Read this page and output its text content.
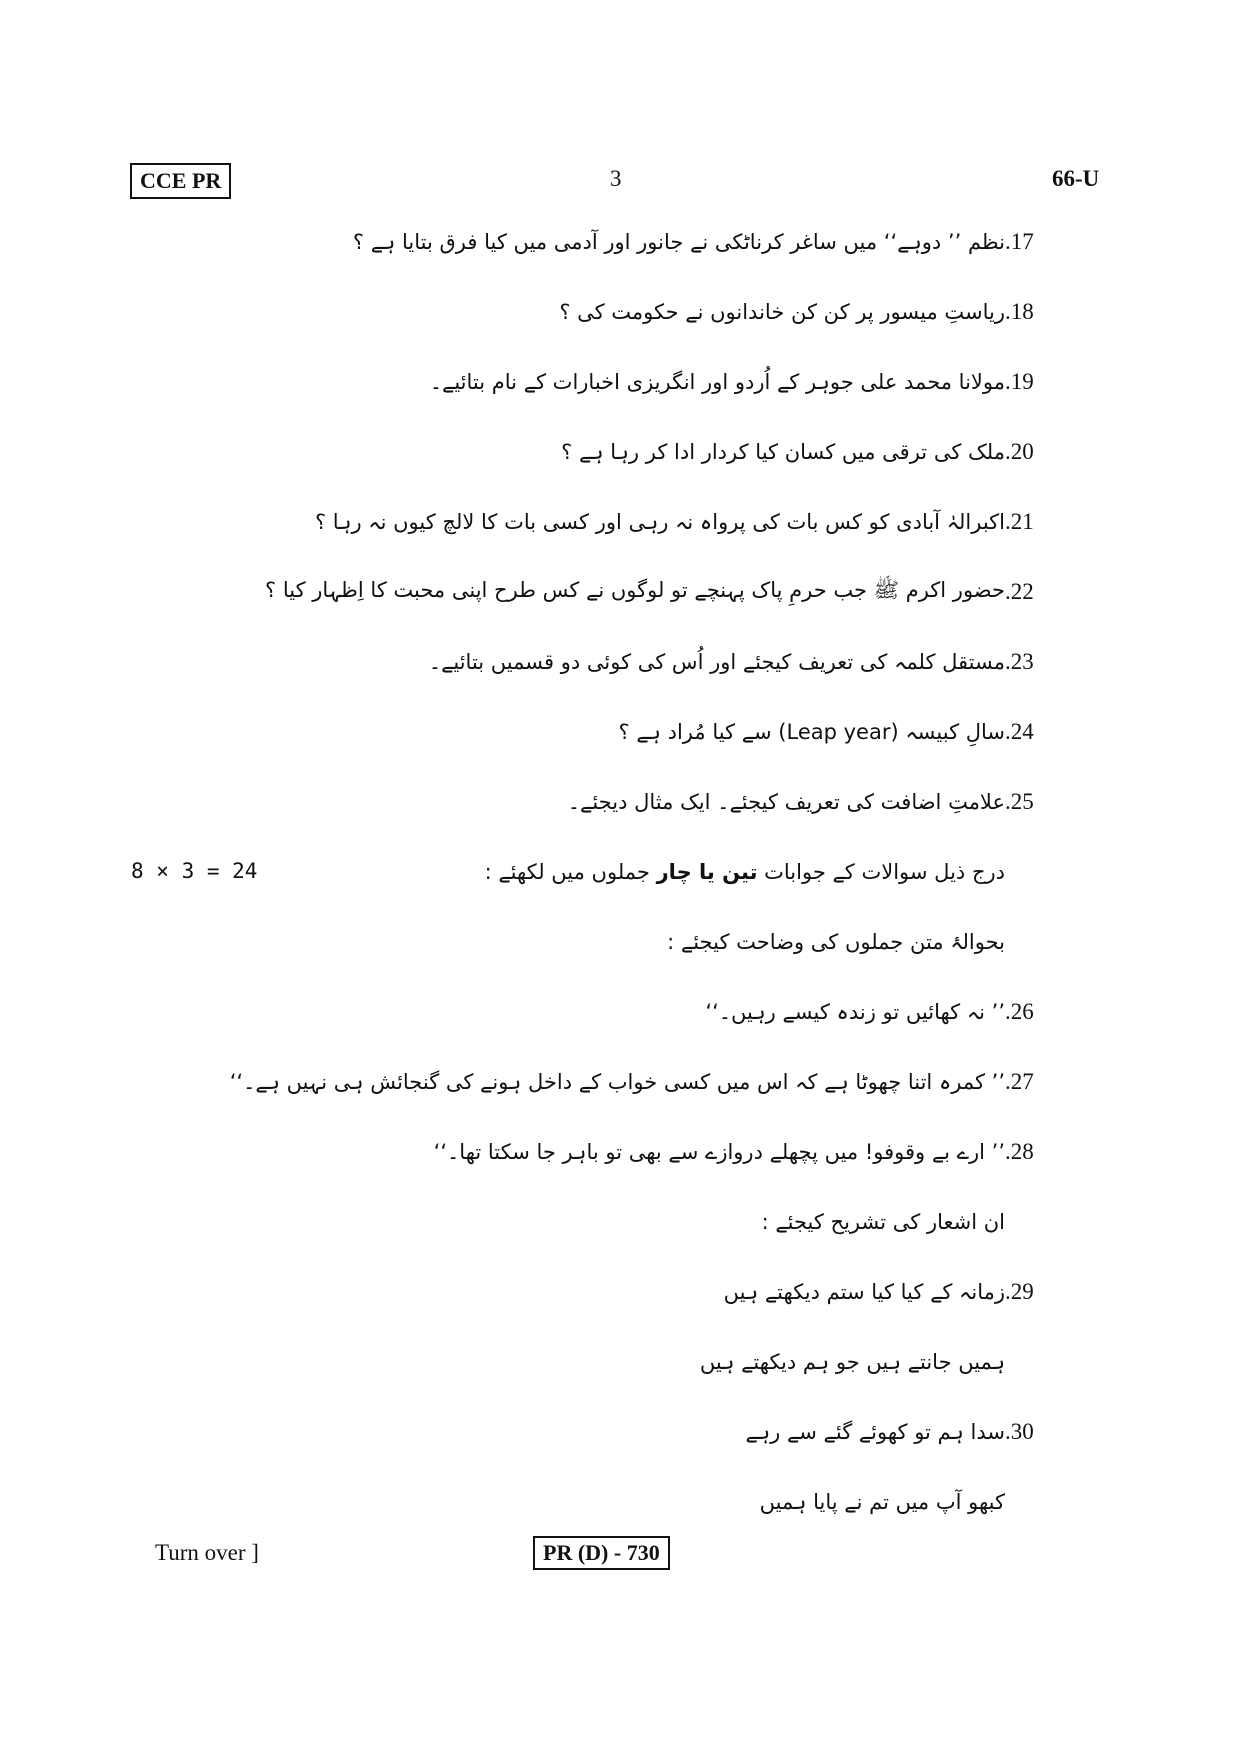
CCE PR	3	66-U
.17
نظم ’’ دوہے‘‘ میں ساغر کرناٹکی نے جانور اور آدمی میں کیا فرق بتایا ہے ؟
.18
ریاستِ میسور پر کن کن خاندانوں نے حکومت کی ؟
.19
مولانا محمد علی جوہر کے اُردو اور انگریزی اخبارات کے نام بتائیے۔
.20
ملک کی ترقی میں کسان کیا کردار ادا کر رہا ہے ؟
.21
اکبرالہٰ آبادی کو کس بات کی پرواہ نہ رہی اور کسی بات کا لالچ کیوں نہ رہا ؟
.22
حضور اکرم ﷺ جب حرمِ پاک پہنچے تو لوگوں نے کس طرح اپنی محبت کا اِظہار کیا ؟
.23
مستقل کلمہ کی تعریف کیجئے اور اُس کی کوئی دو قسمیں بتائیے۔
.24
سالِ کبیسہ (Leap year) سے کیا مُراد ہے ؟
.25
علامتِ اضافت کی تعریف کیجئے۔ ایک مثال دیجئے۔
8 × 3 = 24	درج ذیل سوالات کے جوابات تین یا چار جملوں میں لکھئے :
بحوالۂ متن جملوں کی وضاحت کیجئے :
.26
’’ نہ کھائیں تو زندہ کیسے رہیں۔‘‘
.27
’’ کمرہ اتنا چھوٹا ہے کہ اس میں کسی خواب کے داخل ہونے کی گنجائش ہی نہیں ہے۔‘‘
.28
’’ ارے بے وقوفو! میں پچھلے دروازے سے بھی تو باہر جا سکتا تھا۔‘‘
ان اشعار کی تشریح کیجئے :
.29
زمانہ کے کیا کیا ستم دیکھتے ہیں
ہمیں جانتے ہیں جو ہم دیکھتے ہیں
.30
سدا ہم تو کھوئے گئے سے رہے
کبھو آپ میں تم نے پایا ہمیں
Turn over ]	PR (D) - 730
